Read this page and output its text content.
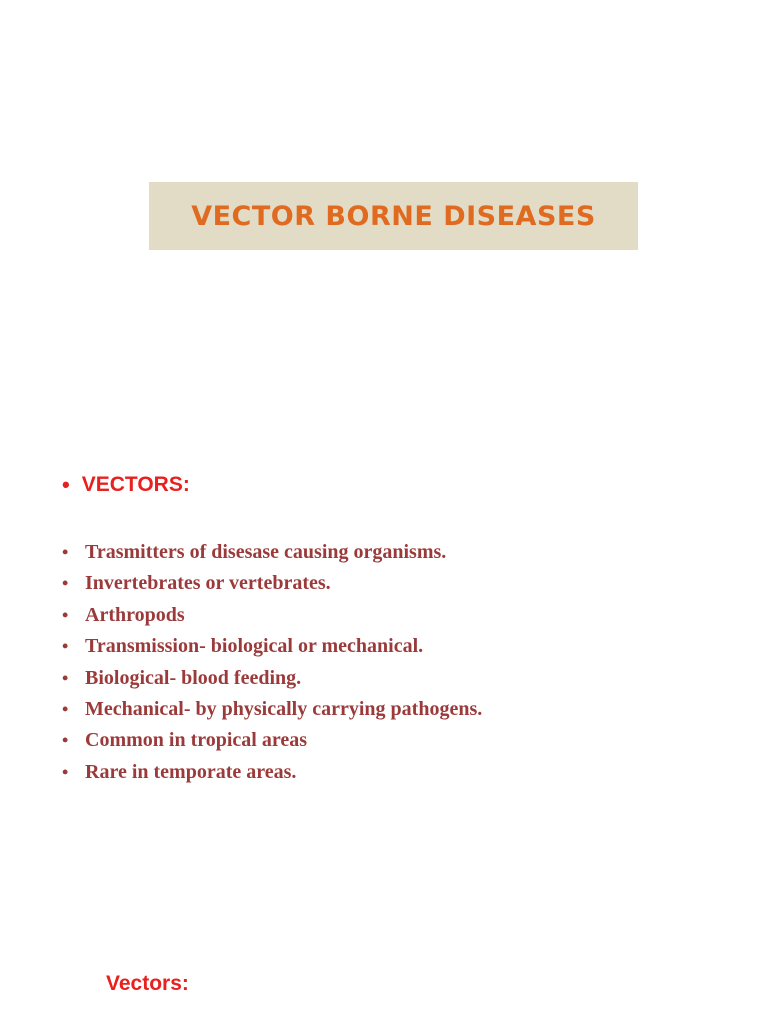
VECTOR BORNE DISEASES
• VECTORS:
• Trasmitters of disesase causing organisms.
• Invertebrates or vertebrates.
• Arthropods
• Transmission- biological or mechanical.
• Biological- blood feeding.
• Mechanical- by physically carrying pathogens.
• Common in tropical areas
• Rare in temporate areas.
Vectors:
